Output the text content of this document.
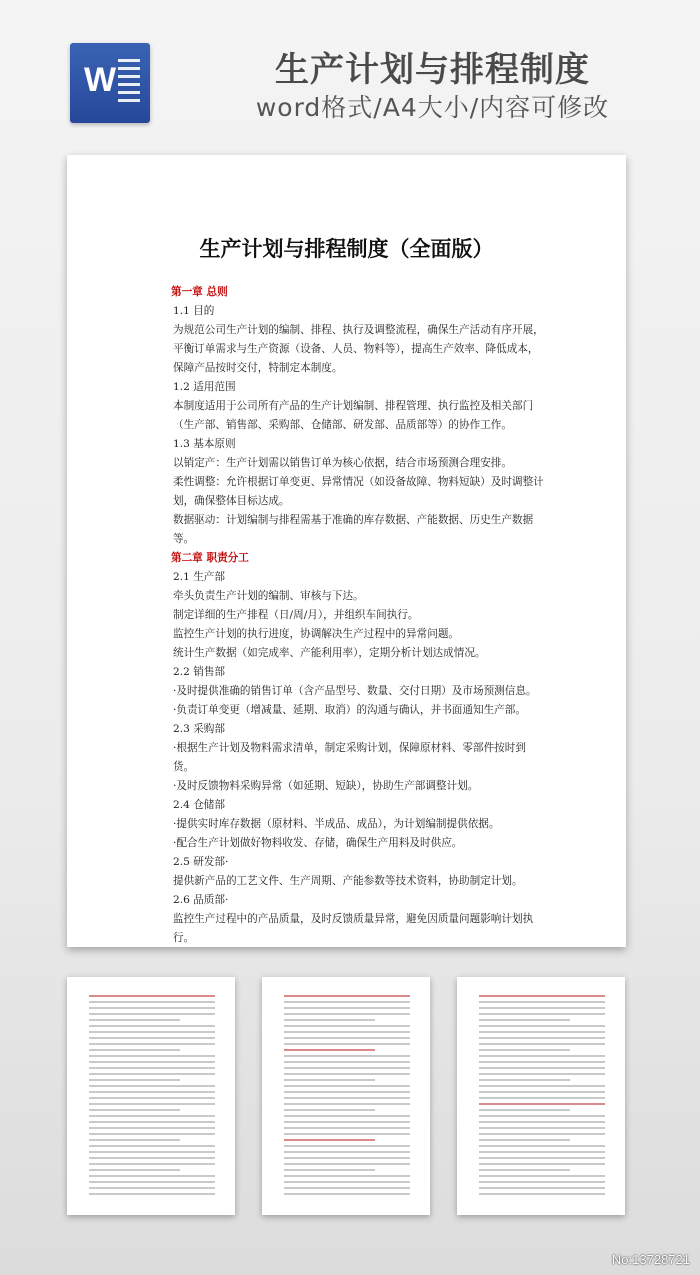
W	生产计划与排程制度
word格式/A4大小/内容可修改
生产计划与排程制度（全面版）

第一章 总则

1.1 目的

为规范公司生产计划的编制、排程、执行及调整流程，确保生产活动有序开展，平衡订单需求与生产资源（设备、人员、物料等），提高生产效率、降低成本，保障产品按时交付，特制定本制度。

1.2 适用范围

本制度适用于公司所有产品的生产计划编制、排程管理、执行监控及相关部门（生产部、销售部、采购部、仓储部、研发部、品质部等）的协作工作。

1.3 基本原则

以销定产：生产计划需以销售订单为核心依据，结合市场预测合理安排。

柔性调整：允许根据订单变更、异常情况（如设备故障、物料短缺）及时调整计划，确保整体目标达成。

数据驱动：计划编制与排程需基于准确的库存数据、产能数据、历史生产数据等。

第二章 职责分工

2.1 生产部

牵头负责生产计划的编制、审核与下达。

制定详细的生产排程（日/周/月），并组织车间执行。

监控生产计划的执行进度，协调解决生产过程中的异常问题。

统计生产数据（如完成率、产能利用率），定期分析计划达成情况。

2.2 销售部

·及时提供准确的销售订单（含产品型号、数量、交付日期）及市场预测信息。

·负责订单变更（增减量、延期、取消）的沟通与确认，并书面通知生产部。

2.3 采购部

·根据生产计划及物料需求清单，制定采购计划，保障原材料、零部件按时到货。

·及时反馈物料采购异常（如延期、短缺），协助生产部调整计划。

2.4 仓储部

·提供实时库存数据（原材料、半成品、成品），为计划编制提供依据。

·配合生产计划做好物料收发、存储，确保生产用料及时供应。

2.5 研发部·

提供新产品的工艺文件、生产周期、产能参数等技术资料，协助制定计划。

2.6 品质部·

监控生产过程中的产品质量，及时反馈质量异常，避免因质量问题影响计划执行。

No:13728721
